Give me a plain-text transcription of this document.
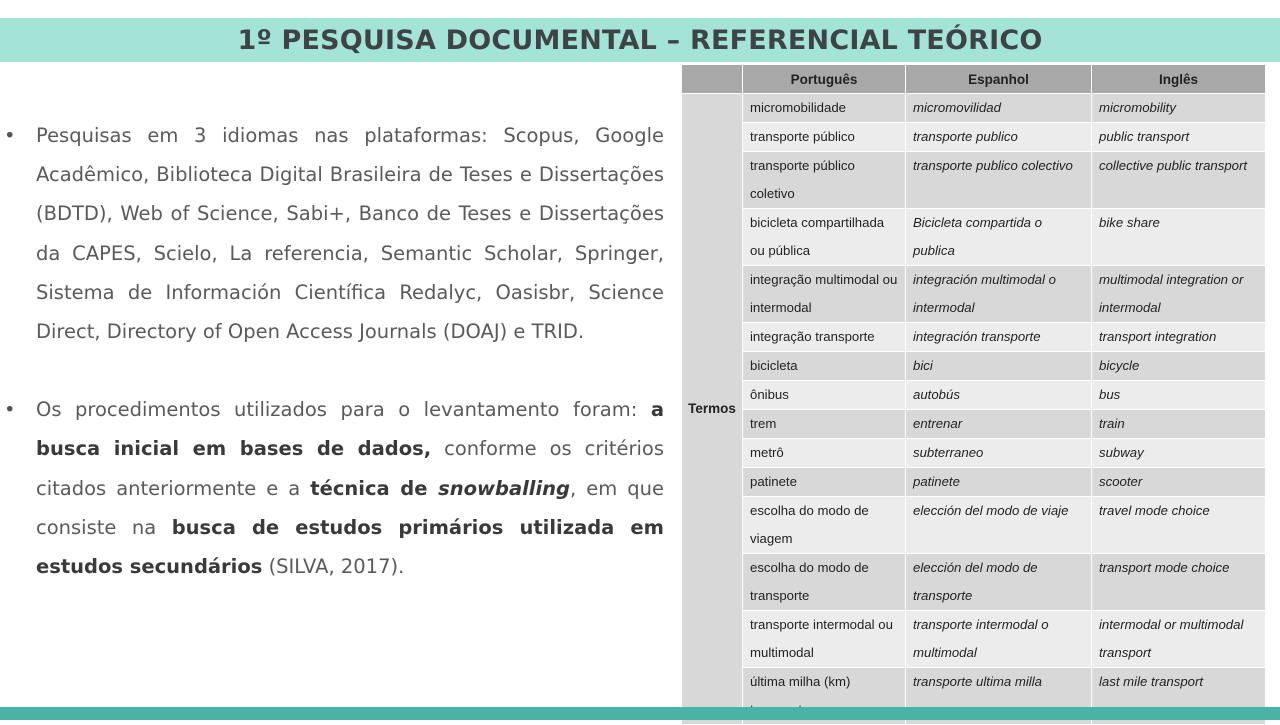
1º PESQUISA DOCUMENTAL – REFERENCIAL TEÓRICO
• Pesquisas em 3 idiomas nas plataformas: Scopus, Google Acadêmico, Biblioteca Digital Brasileira de Teses e Dissertações (BDTD), Web of Science, Sabi+, Banco de Teses e Dissertações da CAPES, Scielo, La referencia, Semantic Scholar, Springer, Sistema de Información Científica Redalyc, Oasisbr, Science Direct, Directory of Open Access Journals (DOAJ) e TRID.
• Os procedimentos utilizados para o levantamento foram: a busca inicial em bases de dados, conforme os critérios citados anteriormente e a técnica de snowballing, em que consiste na busca de estudos primários utilizada em estudos secundários (SILVA, 2017).
	Português	Espanhol	Inglês
Termos	micromobilidade	micromovilidad	micromobility
	transporte público	transporte publico	public transport
	transporte público coletivo	transporte publico colectivo	collective public transport
	bicicleta compartilhada ou pública	Bicicleta compartida o publica	bike share
	integração multimodal ou intermodal	integración multimodal o intermodal	multimodal integration or intermodal
	integração transporte	integración transporte	transport integration
	bicicleta	bici	bicycle
	ônibus	autobús	bus
	trem	entrenar	train
	metrô	subterraneo	subway
	patinete	patinete	scooter
	escolha do modo de viagem	elección del modo de viaje	travel mode choice
	escolha do modo de transporte	elección del modo de transporte	transport mode choice
	transporte intermodal ou multimodal	transporte intermodal o multimodal	intermodal or multimodal transport
	última milha (km)	transporte ultima milla	last mile transport
